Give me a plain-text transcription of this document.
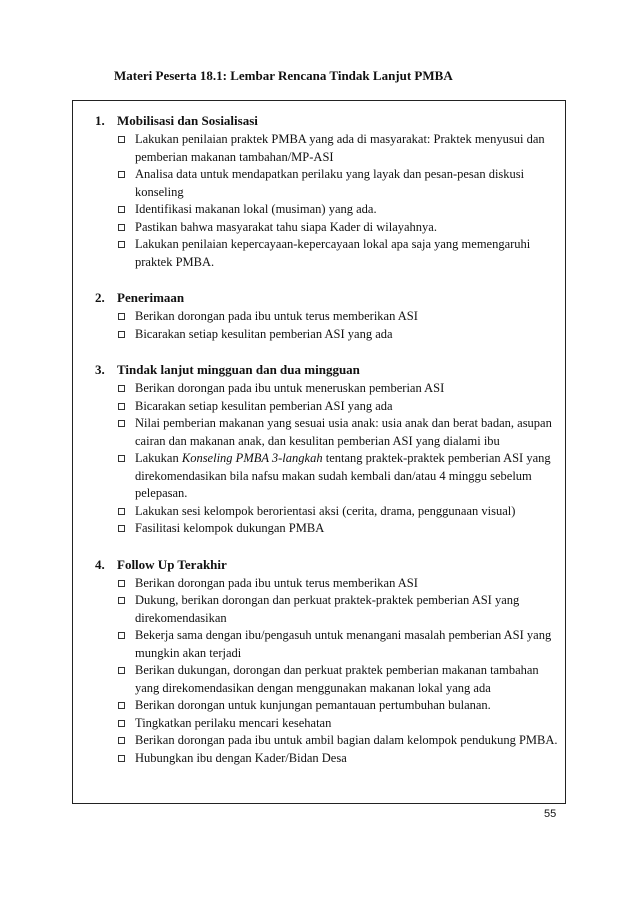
Materi Peserta 18.1: Lembar Rencana Tindak Lanjut PMBA
1. Mobilisasi dan Sosialisasi
Lakukan penilaian praktek PMBA yang ada di masyarakat: Praktek menyusui dan pemberian makanan tambahan/MP-ASI
Analisa data untuk mendapatkan perilaku yang layak dan pesan-pesan diskusi konseling
Identifikasi makanan lokal (musiman) yang ada.
Pastikan bahwa masyarakat tahu siapa Kader di wilayahnya.
Lakukan penilaian kepercayaan-kepercayaan lokal apa saja yang memengaruhi praktek PMBA.
2. Penerimaan
Berikan dorongan pada ibu untuk terus memberikan ASI
Bicarakan setiap kesulitan pemberian ASI yang ada
3. Tindak lanjut mingguan dan dua mingguan
Berikan dorongan pada ibu untuk meneruskan pemberian ASI
Bicarakan setiap kesulitan pemberian ASI yang ada
Nilai pemberian makanan yang sesuai usia anak: usia anak dan berat badan, asupan cairan dan makanan anak, dan kesulitan pemberian ASI yang dialami ibu
Lakukan Konseling PMBA 3-langkah tentang praktek-praktek pemberian ASI yang direkomendasikan bila nafsu makan sudah kembali dan/atau 4 minggu sebelum pelepasan.
Lakukan sesi kelompok berorientasi aksi (cerita, drama, penggunaan visual)
Fasilitasi kelompok dukungan PMBA
4. Follow Up Terakhir
Berikan dorongan pada ibu untuk terus memberikan ASI
Dukung, berikan dorongan dan perkuat praktek-praktek pemberian ASI yang direkomendasikan
Bekerja sama dengan ibu/pengasuh untuk menangani masalah pemberian ASI yang mungkin akan terjadi
Berikan dukungan, dorongan dan perkuat praktek pemberian makanan tambahan yang direkomendasikan dengan menggunakan makanan lokal yang ada
Berikan dorongan untuk kunjungan pemantauan pertumbuhan bulanan.
Tingkatkan perilaku mencari kesehatan
Berikan dorongan pada ibu untuk ambil bagian dalam kelompok pendukung PMBA.
Hubungkan ibu dengan Kader/Bidan Desa
55
